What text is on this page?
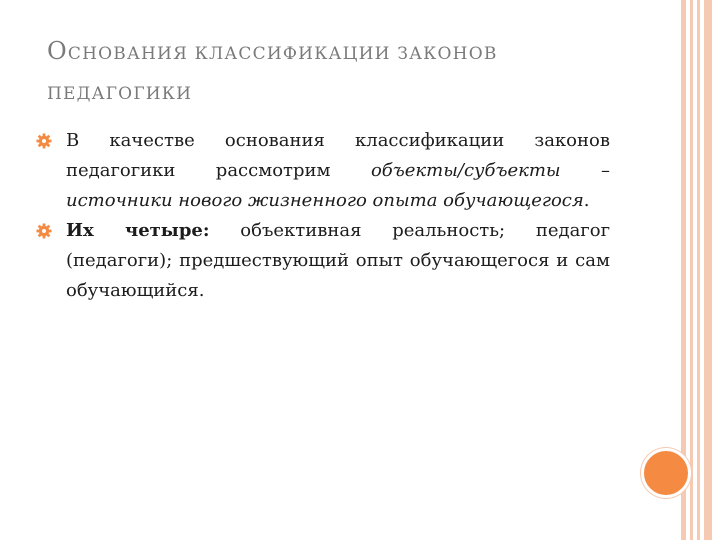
ОСНОВАНИЯ КЛАССИФИКАЦИИ ЗАКОНОВ
ПЕДАГОГИКИ
В качестве основания классификации законов педагогики рассмотрим объекты/субъекты – источники нового жизненного опыта обучающегося.
Их четыре: объективная реальность; педагог (педагоги); предшествующий опыт обучающегося и сам обучающийся.
